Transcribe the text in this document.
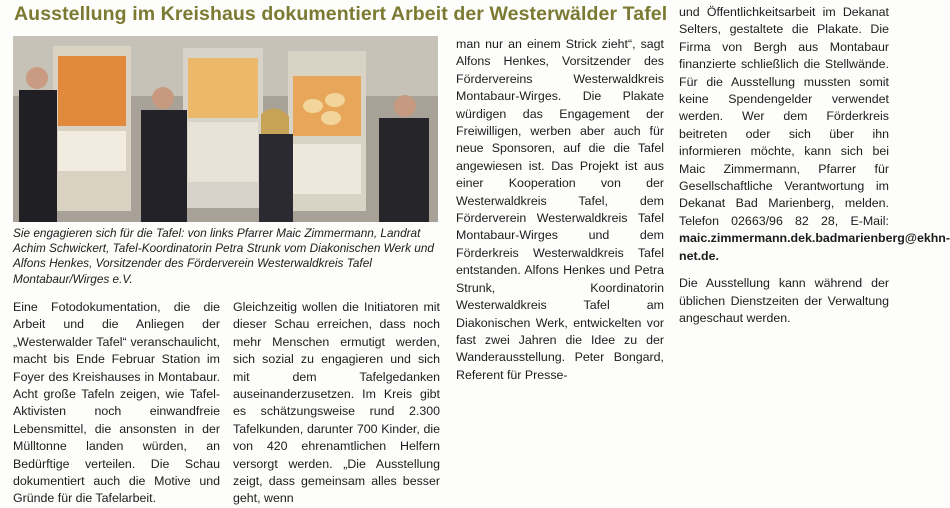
Ausstellung im Kreishaus dokumentiert Arbeit der Westerwälder Tafel
Sie engagieren sich für die Tafel: von links Pfarrer Maic Zimmermann, Landrat Achim Schwickert, Tafel-Koordinatorin Petra Strunk vom Diakonischen Werk und Alfons Henkes, Vorsitzender des Förderverein Westerwaldkreis Tafel Montabaur/Wirges e.V.
Eine Fotodokumentation, die die Arbeit und die Anliegen der „Westerwalder Tafel“ veranschaulicht, macht bis Ende Februar Station im Foyer des Kreishauses in Montabaur. Acht große Tafeln zeigen, wie Tafel-Aktivisten noch einwandfreie Lebensmittel, die ansonsten in der Mülltonne landen würden, an Bedürftige verteilen. Die Schau dokumentiert auch die Motive und Gründe für die Tafelarbeit.
Gleichzeitig wollen die Initiatoren mit dieser Schau erreichen, dass noch mehr Menschen ermutigt werden, sich sozial zu engagieren und sich mit dem Tafelgedanken auseinanderzusetzen. Im Kreis gibt es schätzungsweise rund 2.300 Tafelkunden, darunter 700 Kinder, die von 420 ehrenamtlichen Helfern versorgt werden. „Die Ausstellung zeigt, dass gemeinsam alles besser geht, wenn
man nur an einem Strick zieht“, sagt Alfons Henkes, Vorsitzender des Fördervereins Westerwaldkreis Montabaur-Wirges. Die Plakate würdigen das Engagement der Freiwilligen, werben aber auch für neue Sponsoren, auf die die Tafel angewiesen ist. Das Projekt ist aus einer Kooperation von der Westerwaldkreis Tafel, dem Förderverein Westerwaldkreis Tafel Montabaur-Wirges und dem Förderkreis Westerwaldkreis Tafel entstanden. Alfons Henkes und Petra Strunk, Koordinatorin Westerwaldkreis Tafel am Diakonischen Werk, entwickelten vor fast zwei Jahren die Idee zu der Wanderausstellung. Peter Bongard, Referent für Presse-

und Öffentlichkeitsarbeit im Dekanat Selters, gestaltete die Plakate. Die Firma von Bergh aus Montabaur finanzierte schließlich die Stellwände. Für die Ausstellung mussten somit keine Spendengelder verwendet werden. Wer dem Förderkreis beitreten oder sich über ihn informieren möchte, kann sich bei Maic Zimmermann, Pfarrer für Gesellschaftliche Verantwortung im Dekanat Bad Marienberg, melden. Telefon 02663/96 82 28, E-Mail: maic.zimmermann.dek.badmarienberg@ekhn-net.de.

Die Ausstellung kann während der üblichen Dienstzeiten der Verwaltung angeschaut werden.
